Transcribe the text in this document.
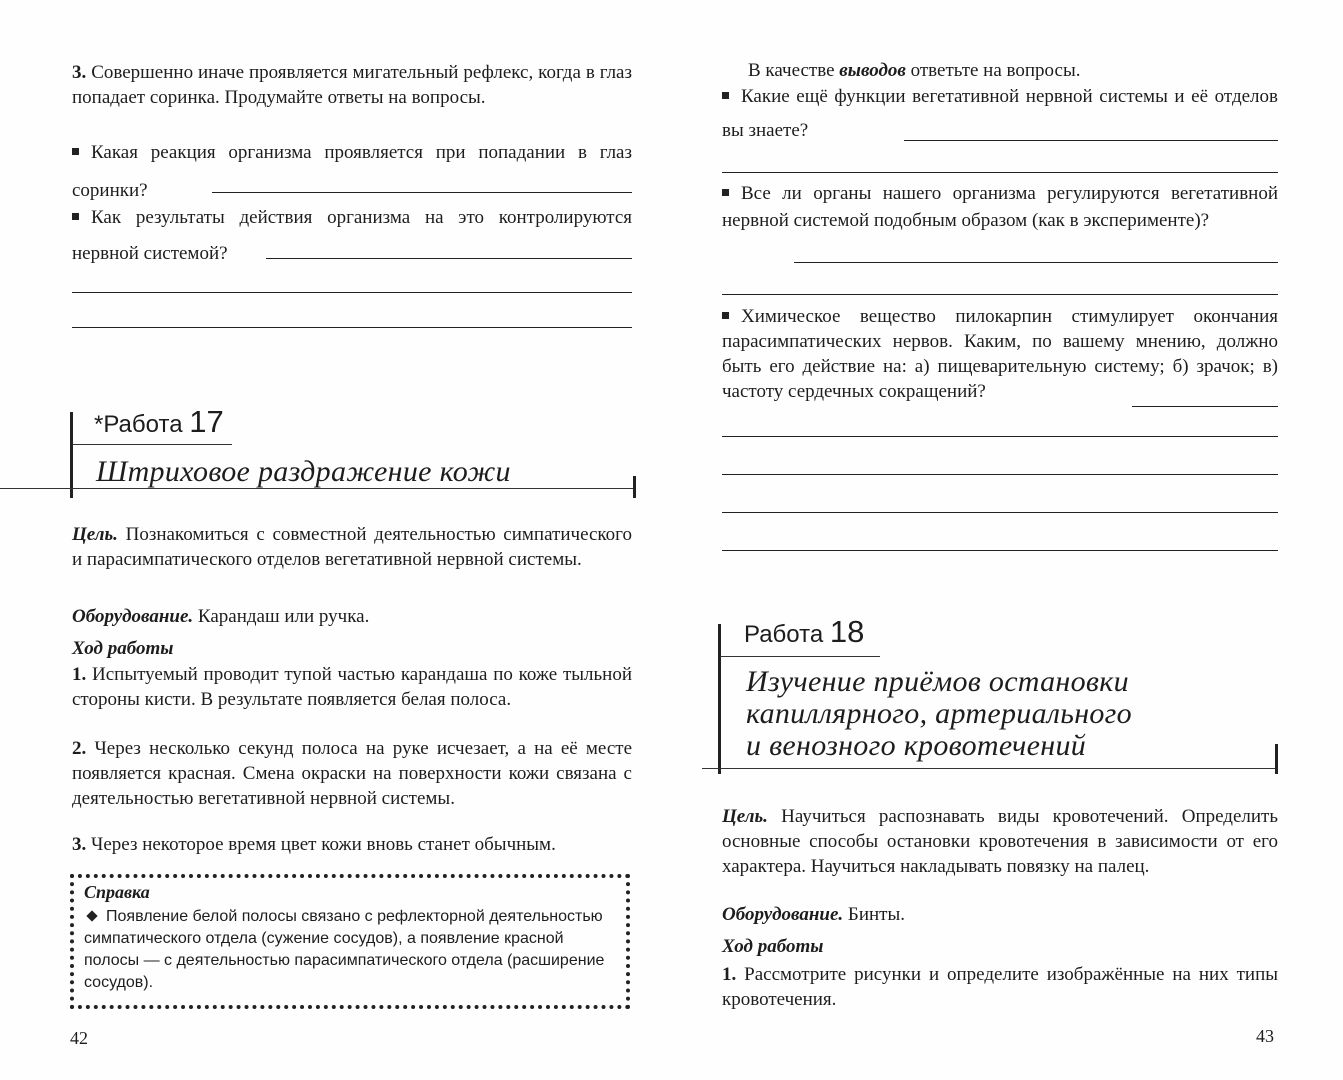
3. Совершенно иначе проявляется мигательный рефлекс, когда в глаз попадает соринка. Продумайте ответы на вопросы.
Какая реакция организма проявляется при попадании в глаз соринки?
Как результаты действия организма на это контролируются нервной системой?
*Работа 17
Штриховое раздражение кожи
Цель. Познакомиться с совместной деятельностью симпатического и парасимпатического отделов вегетативной нервной системы.
Оборудование. Карандаш или ручка.
Ход работы
1. Испытуемый проводит тупой частью карандаша по коже тыльной стороны кисти. В результате появляется белая полоса.
2. Через несколько секунд полоса на руке исчезает, а на её месте появляется красная. Смена окраски на поверхности кожи связана с деятельностью вегетативной нервной системы.
3. Через некоторое время цвет кожи вновь станет обычным.
Справка
Появление белой полосы связано с рефлекторной деятельностью симпатического отдела (сужение сосудов), а появление красной полосы — с деятельностью парасимпатического отдела (расширение сосудов).
42
В качестве выводов ответьте на вопросы.
Какие ещё функции вегетативной нервной системы и её отделов вы знаете?
Все ли органы нашего организма регулируются вегетативной нервной системой подобным образом (как в эксперименте)?
Химическое вещество пилокарпин стимулирует окончания парасимпатических нервов. Каким, по вашему мнению, должно быть его действие на: а) пищеварительную систему; б) зрачок; в) частоту сердечных сокращений?
Работа 18
Изучение приёмов остановки
капиллярного, артериального
и венозного кровотечений
Цель. Научиться распознавать виды кровотечений. Определить основные способы остановки кровотечения в зависимости от его характера. Научиться накладывать повязку на палец.
Оборудование. Бинты.
Ход работы
1. Рассмотрите рисунки и определите изображённые на них типы кровотечения.
43
